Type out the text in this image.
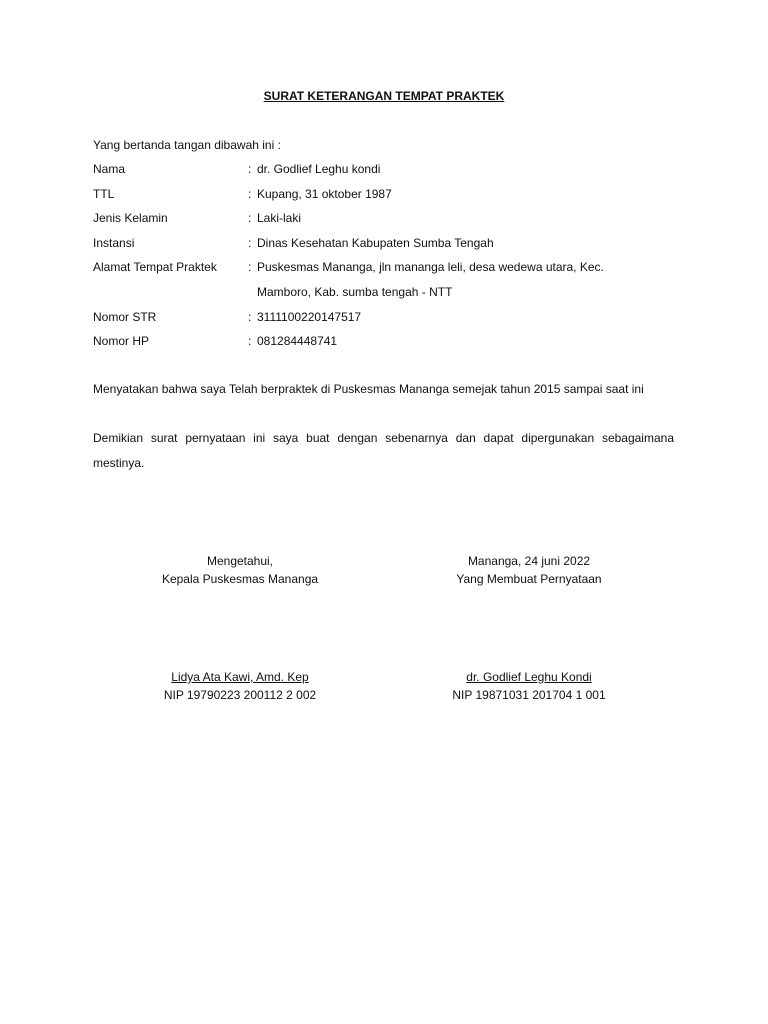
SURAT KETERANGAN TEMPAT PRAKTEK
Yang bertanda tangan dibawah ini :
Nama	: dr. Godlief Leghu kondi
TTL	: Kupang, 31 oktober 1987
Jenis Kelamin	: Laki-laki
Instansi	: Dinas Kesehatan Kabupaten Sumba Tengah
Alamat Tempat Praktek	: Puskesmas Mananga, jln mananga leli, desa wedewa utara, Kec.
Mamboro, Kab. sumba tengah - NTT
Nomor STR	: 3111100220147517
Nomor HP	: 081284448741
Menyatakan bahwa saya Telah berpraktek di Puskesmas Mananga semejak tahun 2015 sampai saat ini
Demikian surat pernyataan ini saya buat dengan sebenarnya dan dapat dipergunakan sebagaimana mestinya.
Mengetahui,
Kepala Puskesmas Mananga
Mananga, 24 juni 2022
Yang Membuat Pernyataan
Lidya Ata Kawi, Amd. Kep
NIP 19790223 200112 2 002
dr. Godlief Leghu Kondi
NIP 19871031 201704 1 001
